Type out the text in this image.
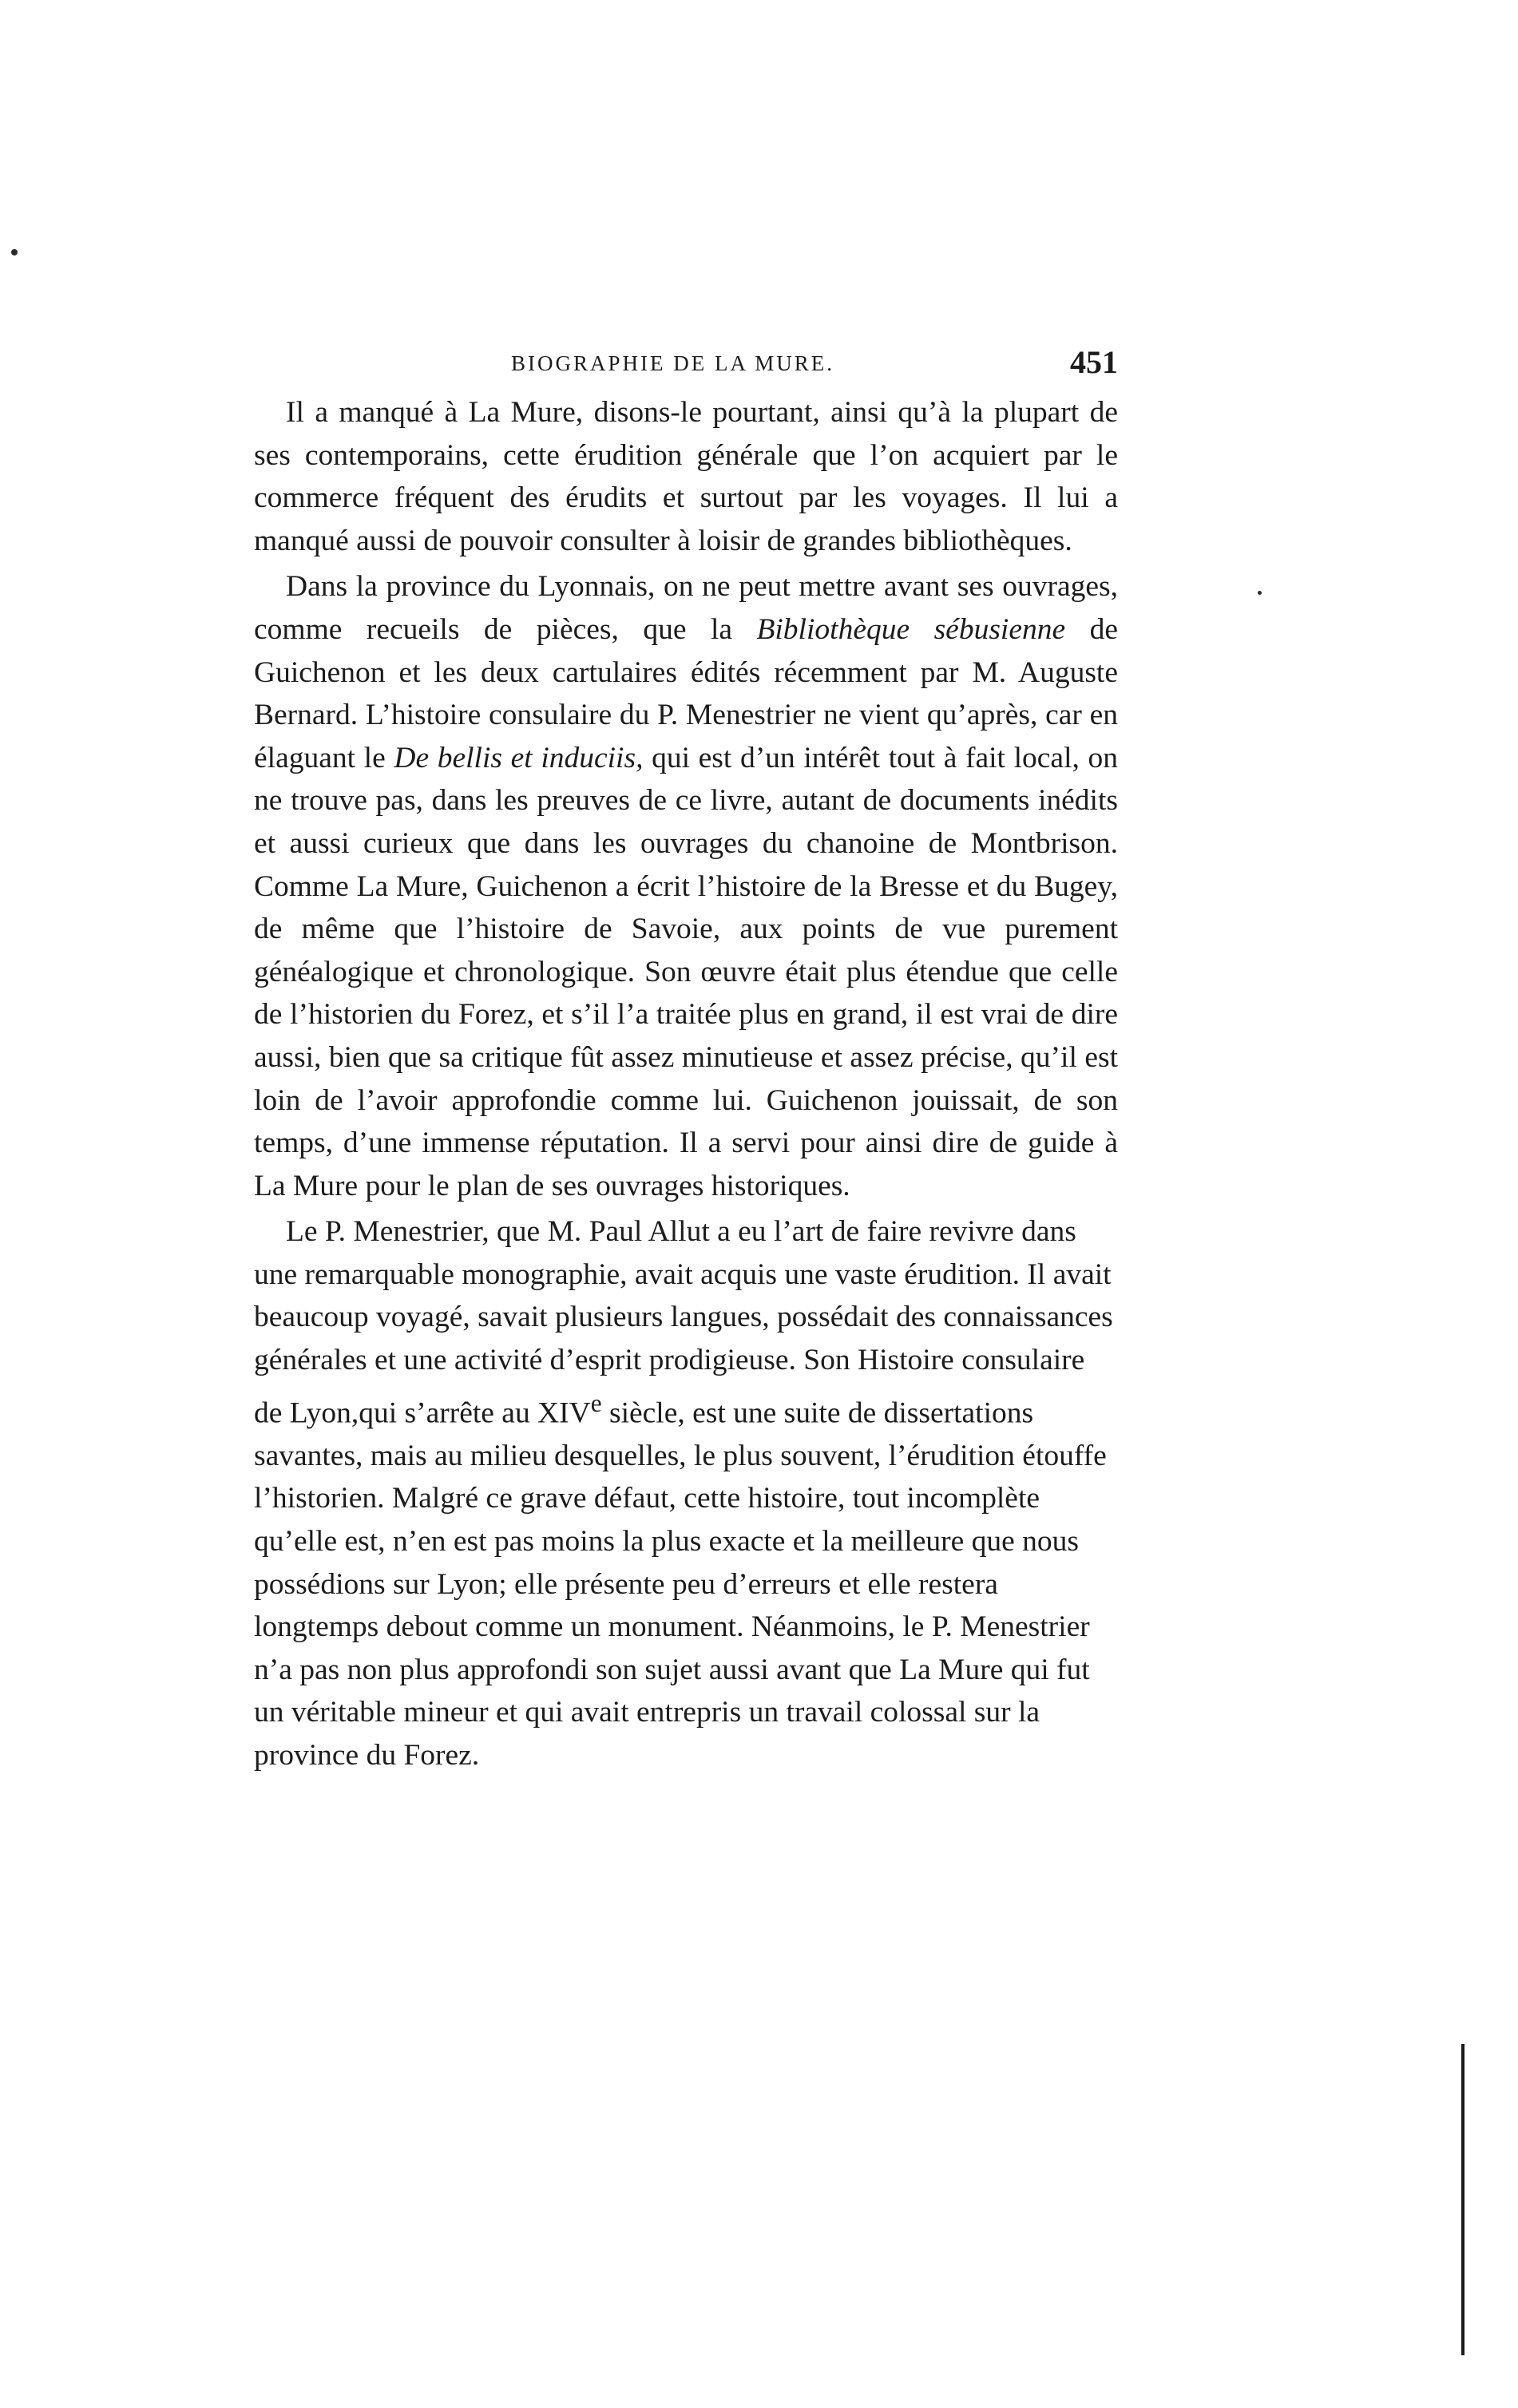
BIOGRAPHIE DE LA MURE.	451

Il a manqué à La Mure, disons-le pourtant, ainsi qu’à la plupart de ses contemporains, cette érudition générale que l’on acquiert par le commerce fréquent des érudits et surtout par les voyages. Il lui a manqué aussi de pouvoir consulter à loisir de grandes bibliothèques.

Dans la province du Lyonnais, on ne peut mettre avant ses ouvrages, comme recueils de pièces, que la Bibliothèque sébusienne de Guichenon et les deux cartulaires édités récemment par M. Auguste Bernard. L’histoire consulaire du P. Menestrier ne vient qu’après, car en élaguant le De bellis et induciis, qui est d’un intérêt tout à fait local, on ne trouve pas, dans les preuves de ce livre, autant de documents inédits et aussi curieux que dans les ouvrages du chanoine de Montbrison. Comme La Mure, Guichenon a écrit l’histoire de la Bresse et du Bugey, de même que l’histoire de Savoie, aux points de vue purement généalogique et chronologique. Son œuvre était plus étendue que celle de l’historien du Forez, et s’il l’a traitée plus en grand, il est vrai de dire aussi, bien que sa critique fût assez minutieuse et assez précise, qu’il est loin de l’avoir approfondie comme lui. Guichenon jouissait, de son temps, d’une immense réputation. Il a servi pour ainsi dire de guide à La Mure pour le plan de ses ouvrages historiques.

Le P. Menestrier, que M. Paul Allut a eu l’art de faire revivre dans une remarquable monographie, avait acquis une vaste érudition. Il avait beaucoup voyagé, savait plusieurs langues, possédait des connaissances générales et une activité d’esprit prodigieuse. Son Histoire consulaire de Lyon,qui s’arrête au XIVe siècle, est une suite de dissertations savantes, mais au milieu desquelles, le plus souvent, l’érudition étouffe l’historien. Malgré ce grave défaut, cette histoire, tout incomplète qu’elle est, n’en est pas moins la plus exacte et la meilleure que nous possédions sur Lyon; elle présente peu d’erreurs et elle restera longtemps debout comme un monument. Néanmoins, le P. Menestrier n’a pas non plus approfondi son sujet aussi avant que La Mure qui fut un véritable mineur et qui avait entrepris un travail colossal sur la province du Forez.
